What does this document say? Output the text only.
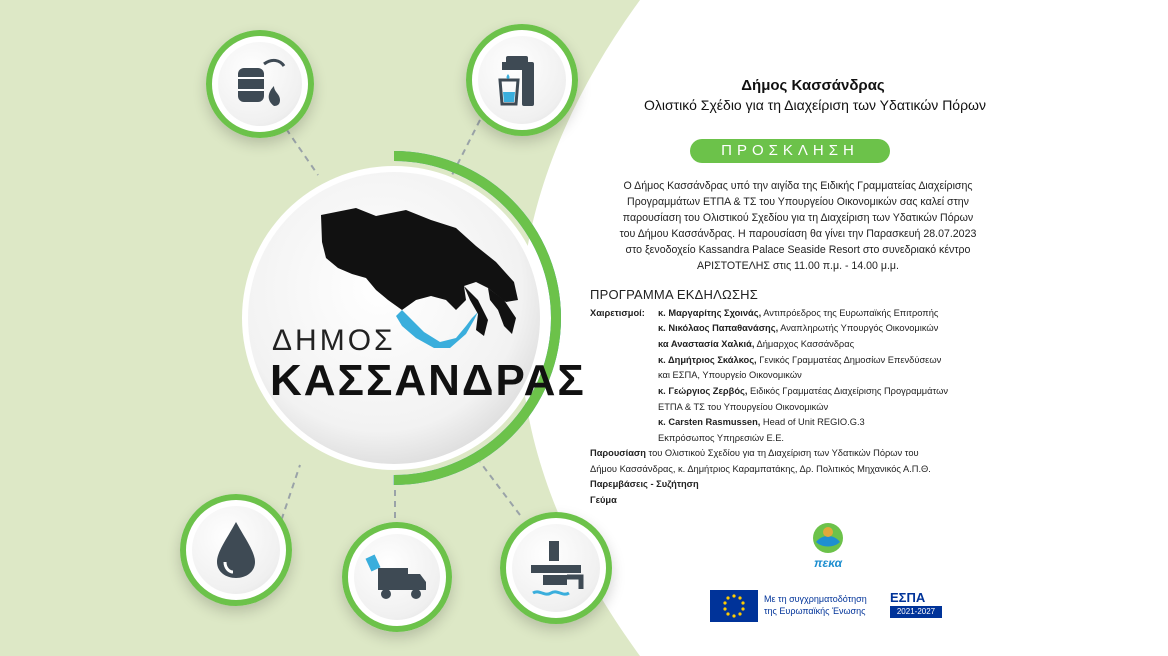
ΔΗΜΟΣ
ΚΑΣΣΑΝΔΡΑΣ
Δήμος Κασσάνδρας
Ολιστικό Σχέδιο για τη Διαχείριση των Υδατικών Πόρων
ΠΡΟΣΚΛΗΣΗ
Ο Δήμος Κασσάνδρας υπό την αιγίδα της Ειδικής Γραμματείας Διαχείρισης
Προγραμμάτων ΕΤΠΑ & ΤΣ του Υπουργείου Οικονομικών σας καλεί στην
παρουσίαση του Ολιστικού Σχεδίου για τη Διαχείριση των Υδατικών Πόρων
του Δήμου Κασσάνδρας. Η παρουσίαση θα γίνει την Παρασκευή 28.07.2023
στο ξενοδοχείο Kassandra Palace Seaside Resort στο συνεδριακό κέντρο
ΑΡΙΣΤΟΤΕΛΗΣ στις 11.00 π.μ. - 14.00 μ.μ.
ΠΡΟΓΡΑΜΜΑ ΕΚΔΗΛΩΣΗΣ
Χαιρετισμοί: κ. Μαργαρίτης Σχοινάς, Αντιπρόεδρος της Ευρωπαϊκής Επιτροπής
κ. Νικόλαος Παπαθανάσης, Αναπληρωτής Υπουργός Οικονομικών
κα Αναστασία Χαλκιά, Δήμαρχος Κασσάνδρας
κ. Δημήτριος Σκάλκος, Γενικός Γραμματέας Δημοσίων Επενδύσεων
και ΕΣΠΑ, Υπουργείο Οικονομικών
κ. Γεώργιος Ζερβός, Ειδικός Γραμματέας Διαχείρισης Προγραμμάτων
ΕΤΠΑ & ΤΣ του Υπουργείου Οικονομικών
κ. Carsten Rasmussen, Head of Unit REGIO.G.3
Εκπρόσωπος Υπηρεσιών Ε.Ε.
Παρουσίαση του Ολιστικού Σχεδίου για τη Διαχείριση των Υδατικών Πόρων του
Δήμου Κασσάνδρας, κ. Δημήτριος Καραμπατάκης, Δρ. Πολιτικός Μηχανικός Α.Π.Θ.
Παρεμβάσεις - Συζήτηση
Γεύμα
πεκα
Με τη συγχρηματοδότηση
της Ευρωπαϊκής Ένωσης
ΕΣΠΑ
2021-2027
